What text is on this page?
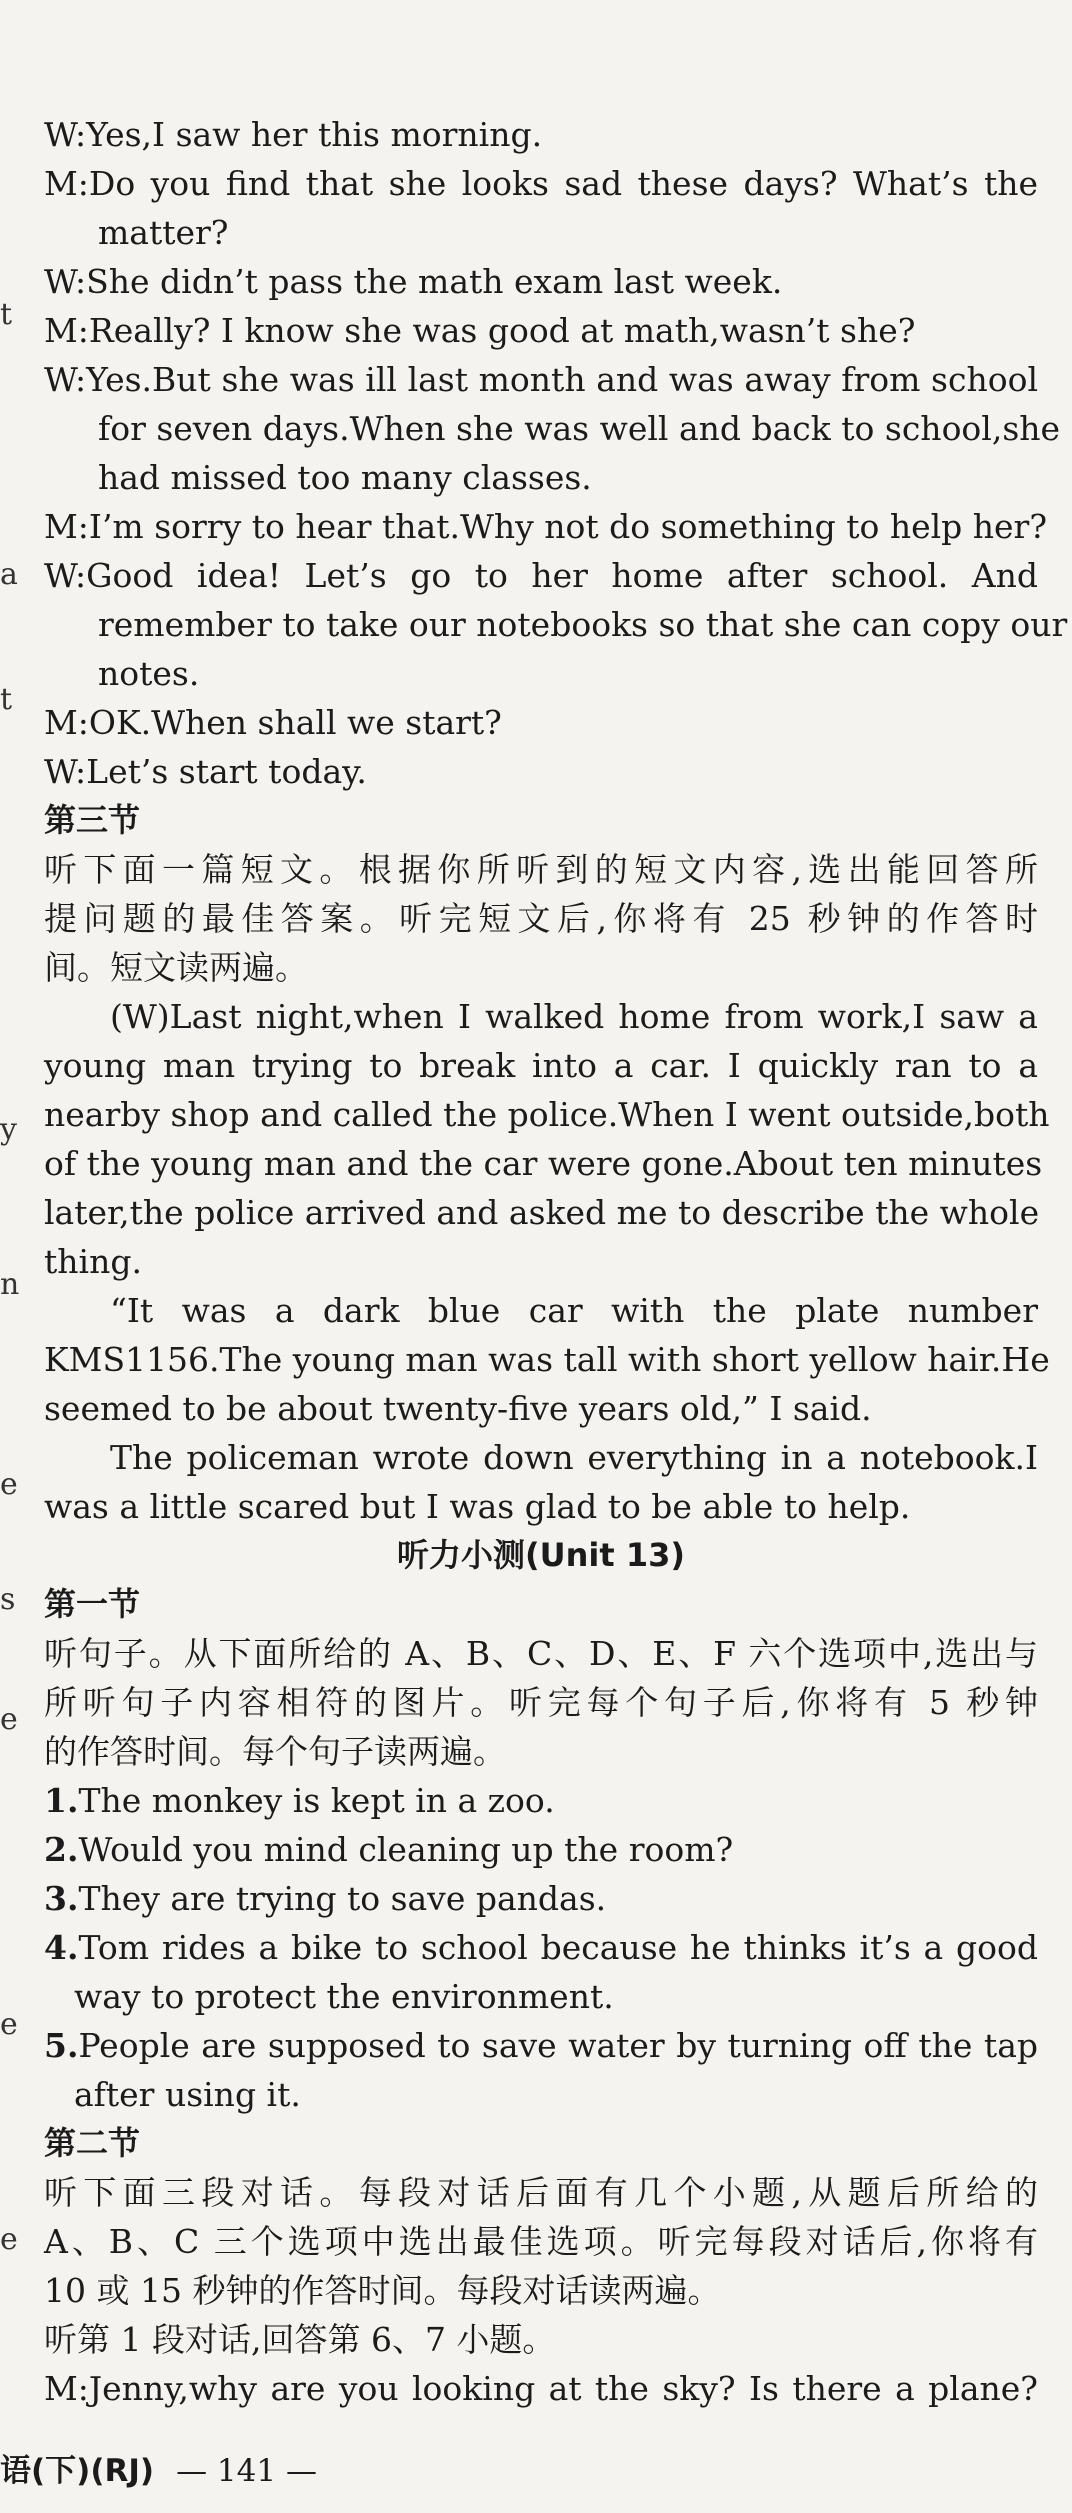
t
a
t
y
n
e
s
e
e
e
W:Yes,I saw her this morning.
M:Do you find that she looks sad these days? What’s the
matter?
W:She didn’t pass the math exam last week.
M:Really? I know she was good at math,wasn’t she?
W:Yes.But she was ill last month and was away from school
for seven days.When she was well and back to school,she
had missed too many classes.
M:I’m sorry to hear that.Why not do something to help her?
W:Good idea! Let’s go to her home after school. And
remember to take our notebooks so that she can copy our
notes.
M:OK.When shall we start?
W:Let’s start today.
第三节
听下面一篇短文。根据你所听到的短文内容,选出能回答所
提问题的最佳答案。听完短文后,你将有 25 秒钟的作答时
间。短文读两遍。
(W)Last night,when I walked home from work,I saw a
young man trying to break into a car. I quickly ran to a
nearby shop and called the police.When I went outside,both
of the young man and the car were gone.About ten minutes
later,the police arrived and asked me to describe the whole
thing.
“It was a dark blue car with the plate number
KMS1156.The young man was tall with short yellow hair.He
seemed to be about twenty-five years old,” I said.
The policeman wrote down everything in a notebook.I
was a little scared but I was glad to be able to help.
听力小测(Unit 13)
第一节
听句子。从下面所给的 A、B、C、D、E、F 六个选项中,选出与
所听句子内容相符的图片。听完每个句子后,你将有 5 秒钟
的作答时间。每个句子读两遍。
1.The monkey is kept in a zoo.
2.Would you mind cleaning up the room?
3.They are trying to save pandas.
4.Tom rides a bike to school because he thinks it’s a good
way to protect the environment.
5.People are supposed to save water by turning off the tap
after using it.
第二节
听下面三段对话。每段对话后面有几个小题,从题后所给的
A、B、C 三个选项中选出最佳选项。听完每段对话后,你将有
10 或 15 秒钟的作答时间。每段对话读两遍。
听第 1 段对话,回答第 6、7 小题。
M:Jenny,why are you looking at the sky? Is there a plane?
语(下)(RJ) — 141 —
